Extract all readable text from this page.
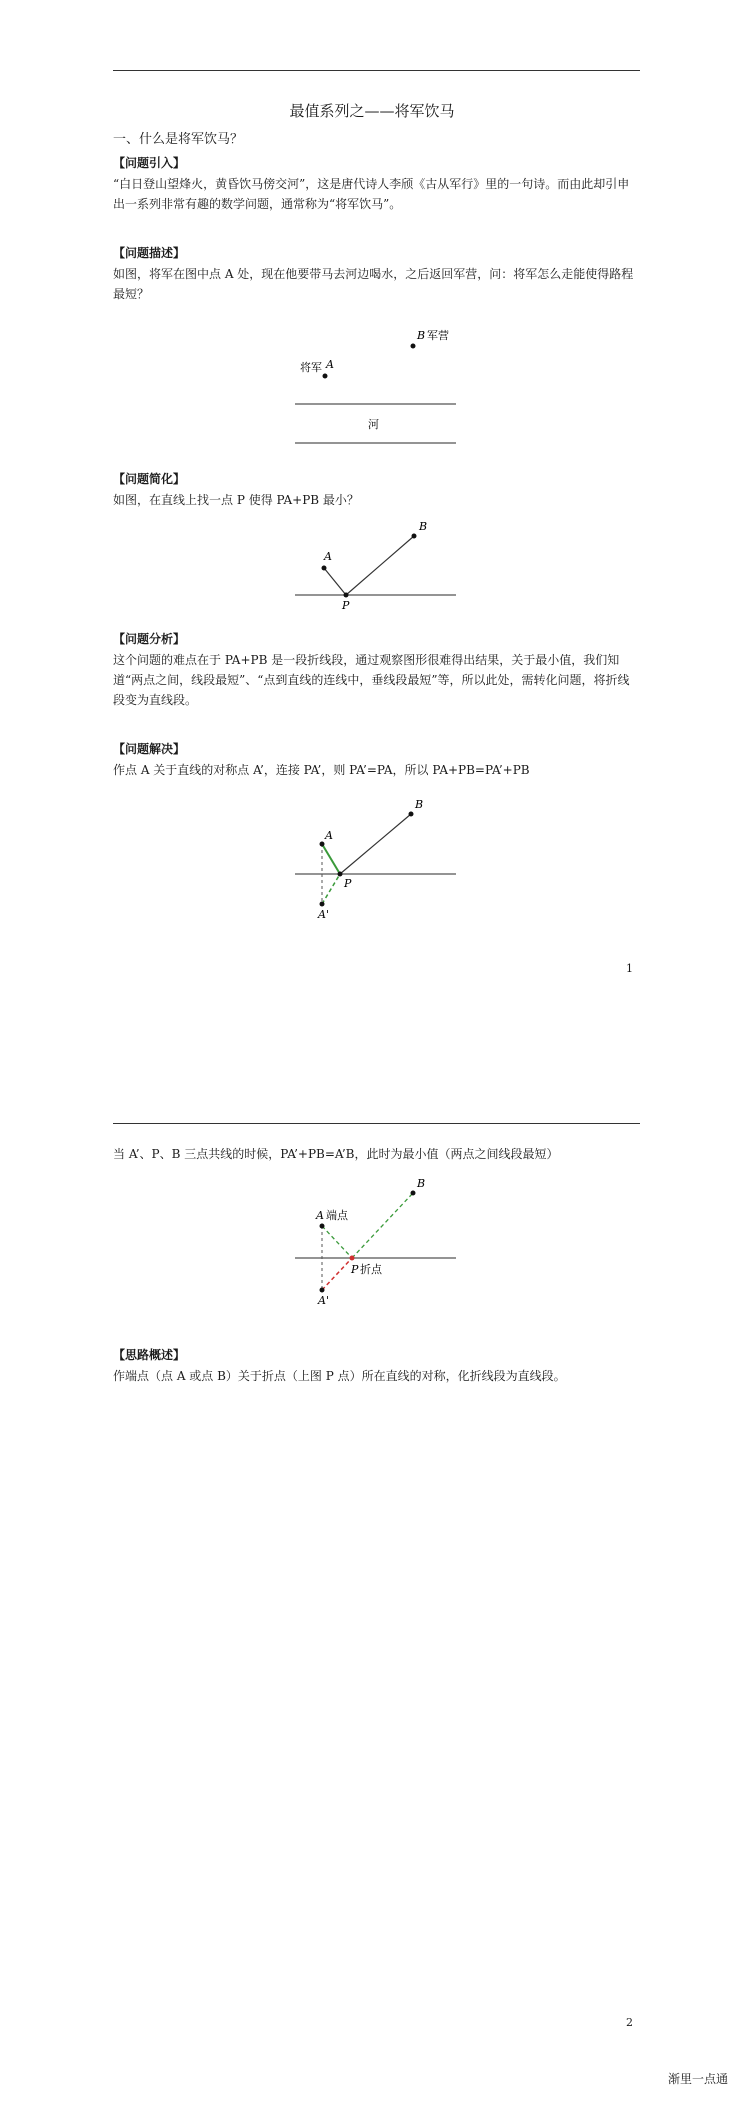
最值系列之——将军饮马
一、什么是将军饮马？
【问题引入】
“白日登山望烽火，黄昏饮马傍交河”，这是唐代诗人李颀《古从军行》里的一句诗。而由此却引申出一系列非常有趣的数学问题，通常称为“将军饮马”。
【问题描述】
如图，将军在图中点 A 处，现在他要带马去河边喝水，之后返回军营，问：将军怎么走能使得路程最短？
将军 A
B 军营
河
【问题简化】
如图，在直线上找一点 P 使得 PA+PB 最小？
A
B
P
【问题分析】
这个问题的难点在于 PA+PB 是一段折线段，通过观察图形很难得出结果，关于最小值，我们知道“两点之间，线段最短”、“点到直线的连线中，垂线段最短”等，所以此处，需转化问题，将折线段变为直线段。
【问题解决】
作点 A 关于直线的对称点 A’，连接 PA’，则 PA’=PA，所以 PA+PB=PA’+PB
A
A'
B
P
1
当 A’、P、B 三点共线的时候，PA’+PB=A’B，此时为最小值（两点之间线段最短）
A 端点
A'
B
P 折点
【思路概述】
作端点（点 A 或点 B）关于折点（上图 P 点）所在直线的对称，化折线段为直线段。
2
渐里一点通
